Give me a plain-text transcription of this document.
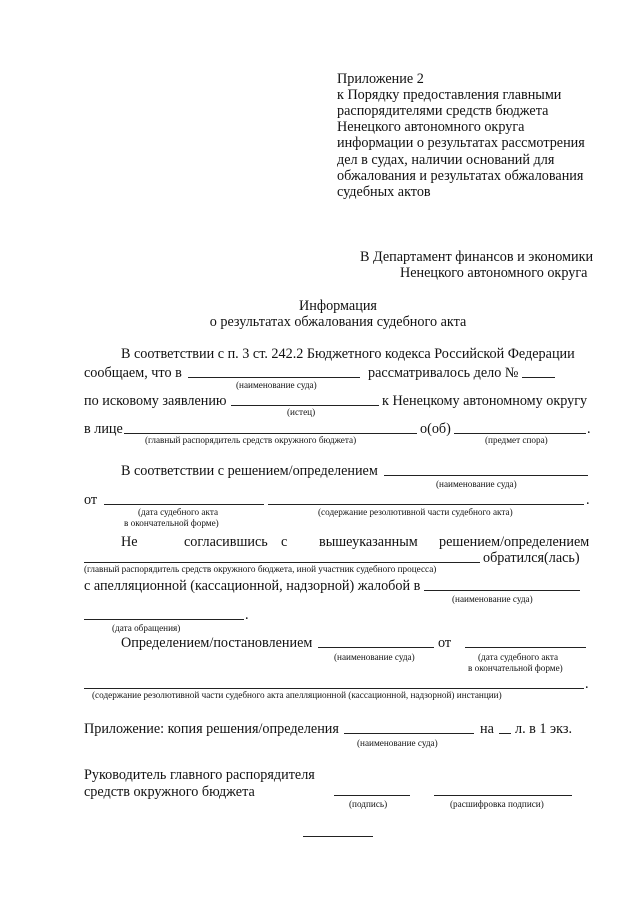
Приложение 2
к Порядку предоставления главными
распорядителями средств бюджета
Ненецкого автономного округа
информации о результатах рассмотрения
дел в судах, наличии оснований для
обжалования и результатах обжалования
судебных актов
В Департамент финансов и экономики
Ненецкого автономного округа
Информация
о результатах обжалования судебного акта
В соответствии с п. 3 ст. 242.2 Бюджетного кодекса Российской Федерации
сообщаем, что в	рассматривалось дело №
(наименование суда)
по исковому заявлению	к Ненецкому автономному округу
(истец)
в лице	о(об)	.
(главный распорядитель средств окружного бюджета)	(предмет спора)
В соответствии с решением/определением
(наименование суда)
от	.
(дата судебного акта
в окончательной форме)
(содержание резолютивной части судебного акта)
Не	согласившись с вышеуказанным решением/определением
обратился(лась)
(главный распорядитель средств окружного бюджета, иной участник судебного процесса)
с апелляционной (кассационной, надзорной) жалобой в
(наименование суда)
.
(дата обращения)
Определением/постановлением	от
(наименование суда)	(дата судебного акта
в окончательной форме)
.
(содержание резолютивной части судебного акта апелляционной (кассационной, надзорной) инстанции)
Приложение: копия решения/определения	на л. в 1 экз.
(наименование суда)
Руководитель главного распорядителя
средств окружного бюджета
(подпись)	(расшифровка подписи)
